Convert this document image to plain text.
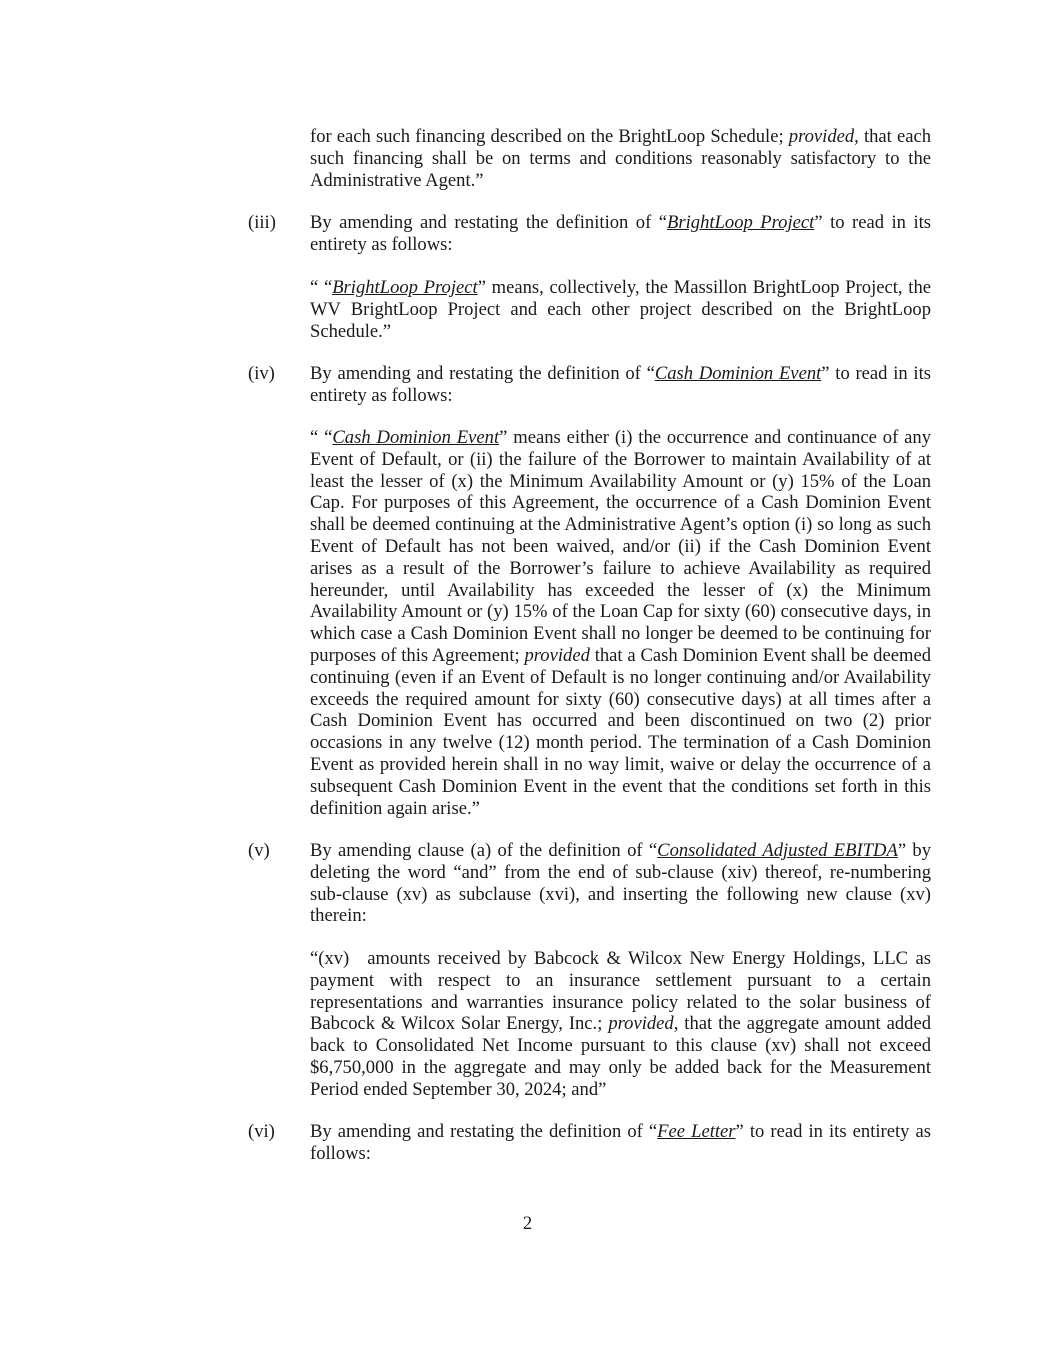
for each such financing described on the BrightLoop Schedule; provided, that each such financing shall be on terms and conditions reasonably satisfactory to the Administrative Agent.”

(iii) By amending and restating the definition of “BrightLoop Project” to read in its entirety as follows:

“ “BrightLoop Project” means, collectively, the Massillon BrightLoop Project, the WV BrightLoop Project and each other project described on the BrightLoop Schedule.”

(iv) By amending and restating the definition of “Cash Dominion Event” to read in its entirety as follows:

“ “Cash Dominion Event” means either (i) the occurrence and continuance of any Event of Default, or (ii) the failure of the Borrower to maintain Availability of at least the lesser of (x) the Minimum Availability Amount or (y) 15% of the Loan Cap. For purposes of this Agreement, the occurrence of a Cash Dominion Event shall be deemed continuing at the Administrative Agent’s option (i) so long as such Event of Default has not been waived, and/or (ii) if the Cash Dominion Event arises as a result of the Borrower’s failure to achieve Availability as required hereunder, until Availability has exceeded the lesser of (x) the Minimum Availability Amount or (y) 15% of the Loan Cap for sixty (60) consecutive days, in which case a Cash Dominion Event shall no longer be deemed to be continuing for purposes of this Agreement; provided that a Cash Dominion Event shall be deemed continuing (even if an Event of Default is no longer continuing and/or Availability exceeds the required amount for sixty (60) consecutive days) at all times after a Cash Dominion Event has occurred and been discontinued on two (2) prior occasions in any twelve (12) month period. The termination of a Cash Dominion Event as provided herein shall in no way limit, waive or delay the occurrence of a subsequent Cash Dominion Event in the event that the conditions set forth in this definition again arise.”

(v) By amending clause (a) of the definition of “Consolidated Adjusted EBITDA” by deleting the word “and” from the end of sub-clause (xiv) thereof, re-numbering sub-clause (xv) as subclause (xvi), and inserting the following new clause (xv) therein:

“(xv) amounts received by Babcock & Wilcox New Energy Holdings, LLC as payment with respect to an insurance settlement pursuant to a certain representations and warranties insurance policy related to the solar business of Babcock & Wilcox Solar Energy, Inc.; provided, that the aggregate amount added back to Consolidated Net Income pursuant to this clause (xv) shall not exceed $6,750,000 in the aggregate and may only be added back for the Measurement Period ended September 30, 2024; and”

(vi) By amending and restating the definition of “Fee Letter” to read in its entirety as follows:

2
